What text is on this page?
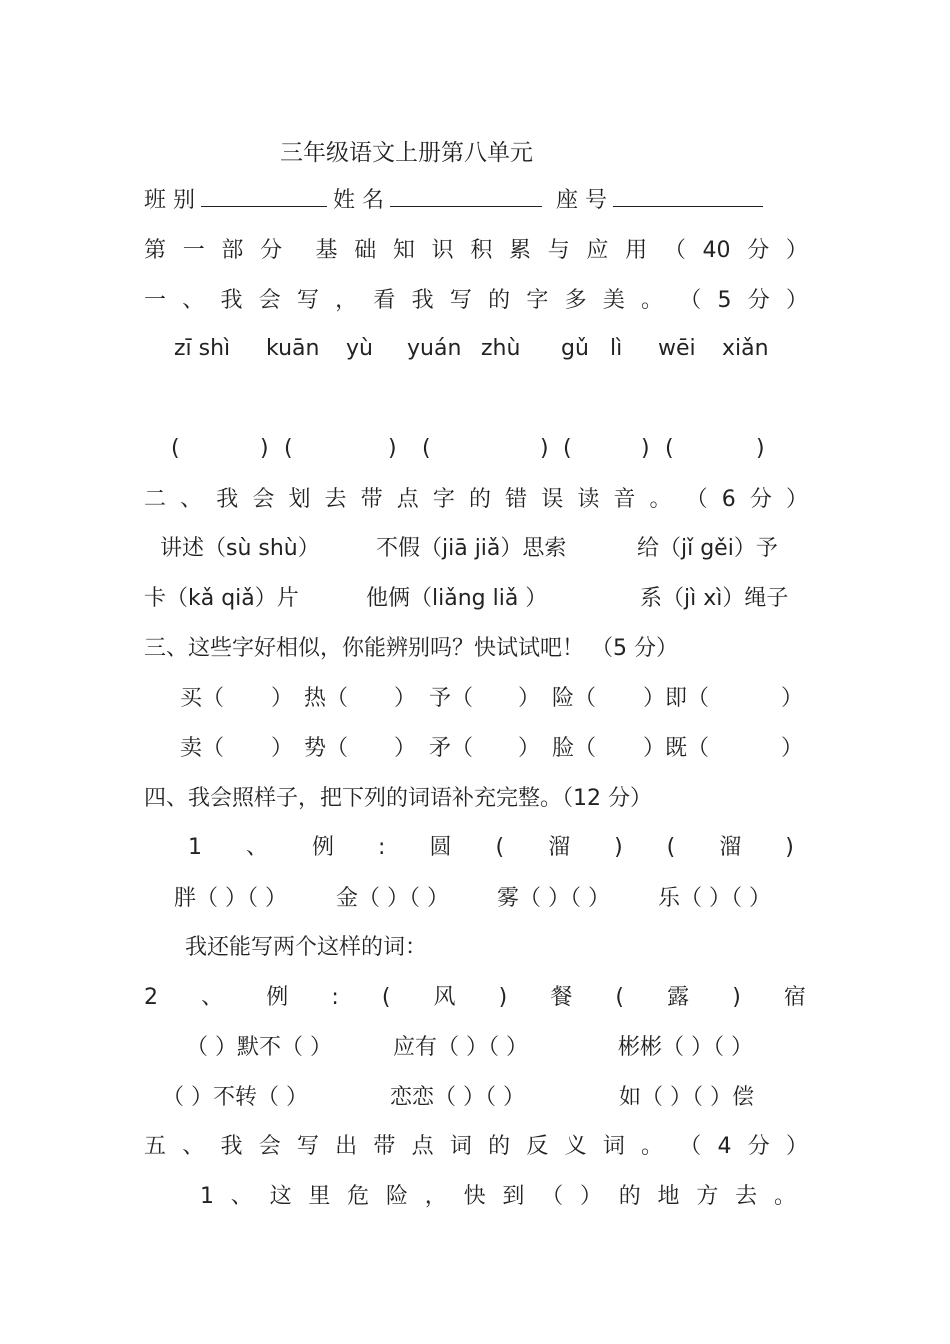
三年级语文上册第八单元
班 别	姓 名	座 号
第 一 部 分 基 础 知 识 积 累 与 应 用 （ 40 分 ）
一 、 我 会 写 ， 看 我 写 的 字 多 美 。 （ 5 分 ）
zī shì kuān yù yuán zhù gǔ lì wēi xiǎn
(	) (	) (	) (	) (	)
二 、 我 会 划 去 带 点 字 的 错 误 读 音 。 （ 6 分 ）
讲述（sù shù）	不假（jiā jiǎ）思索	给（jǐ gěi）予
卡（kǎ qiǎ）片	他俩（liǎng liǎ ）	系（jì xì）绳子
三、这些字好相似，你能辨别吗？快试试吧！ （5 分）
买（ ） 热（ ） 予（ ） 险（ ）即（	）
卖（ ） 势（ ） 矛（ ） 脸（ ）既（	）
四、我会照样子，把下列的词语补充完整。（12 分）
1 、 例 : 圆 ( 溜 ) ( 溜 )
胖（ ）（ ） 金（ ）（ ） 雾（ ）（ ） 乐（ ）（ ）
我还能写两个这样的词：
2 、 例 : ( 风 ) 餐 ( 露 ) 宿
（ ）默不（ ）	应有（ ）（ ）	彬彬（ ）（ ）
（ ）不转（ ）	恋恋（ ）（ ）	如（ ）（ ）偿
五 、 我 会 写 出 带 点 词 的 反 义 词 。 （ 4 分 ）
1 、 这 里 危 险 ， 快 到 （ ） 的 地 方 去 。
